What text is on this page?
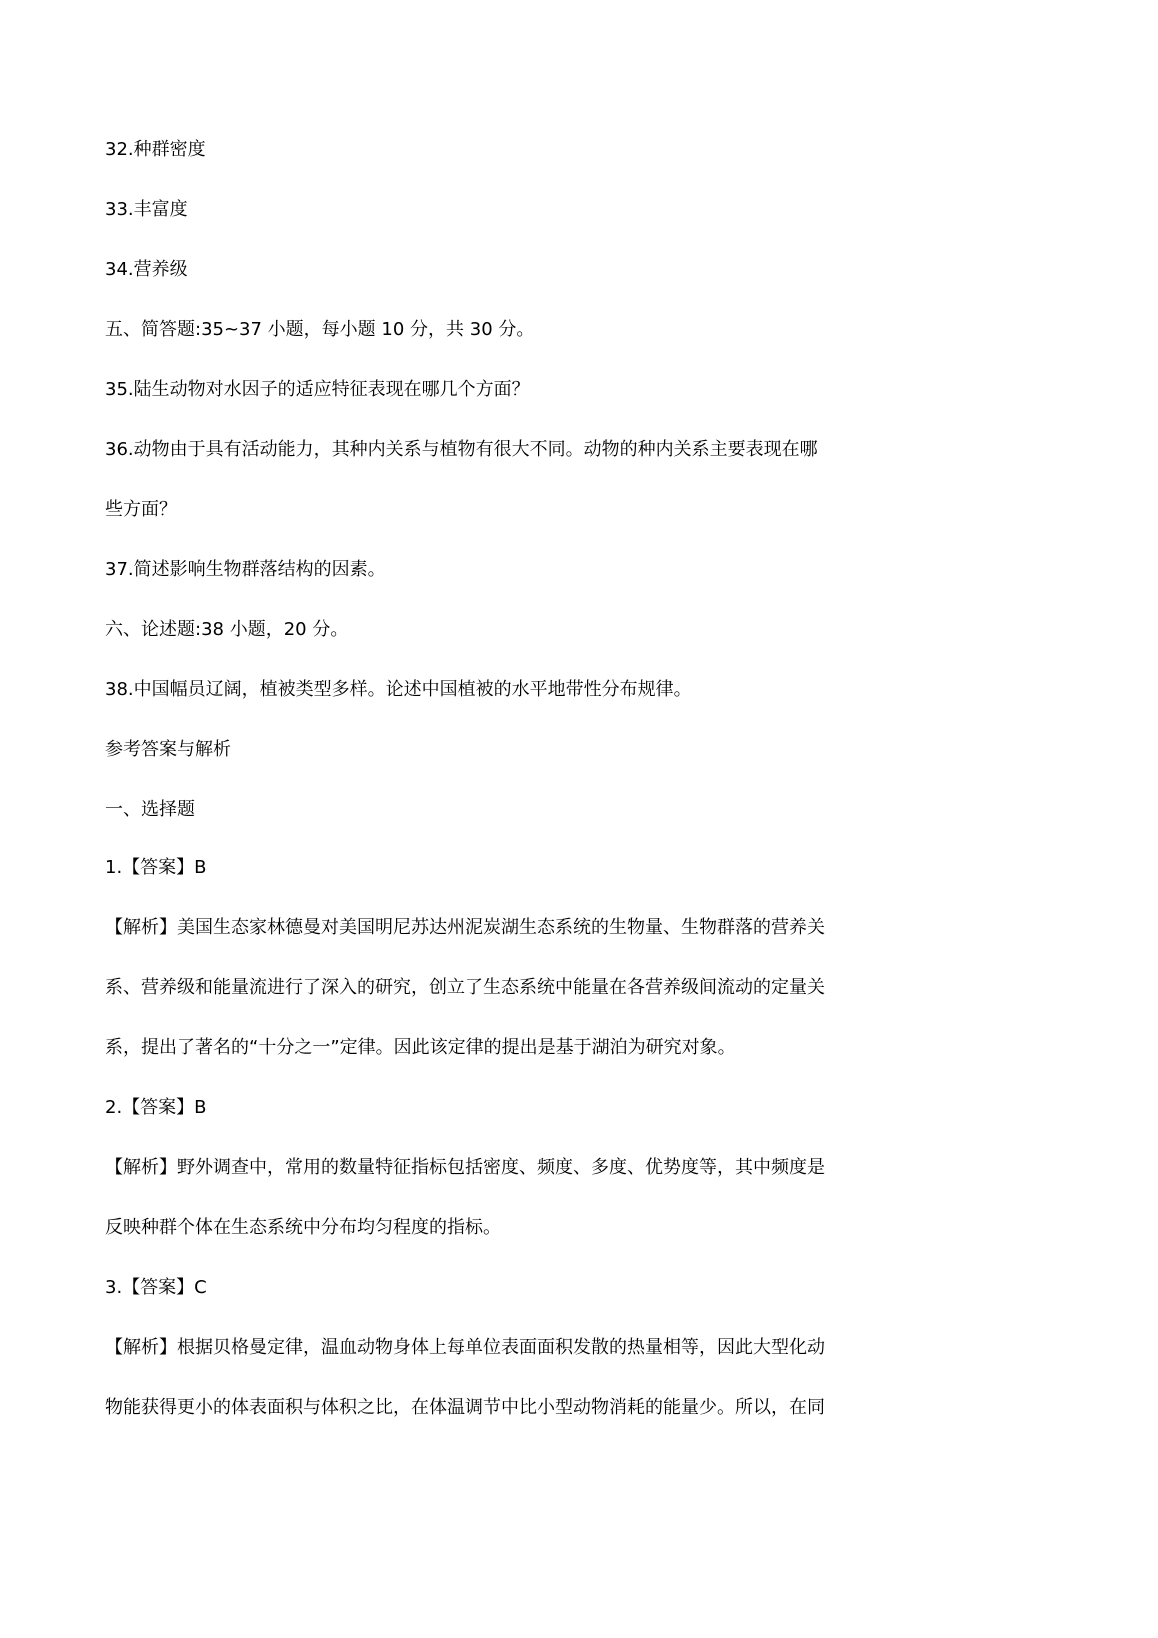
32.种群密度
33.丰富度
34.营养级
五、简答题:35~37 小题，每小题 10 分，共 30 分。
35.陆生动物对水因子的适应特征表现在哪几个方面？
36.动物由于具有活动能力，其种内关系与植物有很大不同。动物的种内关系主要表现在哪
些方面？
37.简述影响生物群落结构的因素。
六、论述题:38 小题，20 分。
38.中国幅员辽阔，植被类型多样。论述中国植被的水平地带性分布规律。
参考答案与解析
一、选择题
1.【答案】B
【解析】美国生态家林德曼对美国明尼苏达州泥炭湖生态系统的生物量、生物群落的营养关
系、营养级和能量流进行了深入的研究，创立了生态系统中能量在各营养级间流动的定量关
系，提出了著名的“十分之一”定律。因此该定律的提出是基于湖泊为研究对象。
2.【答案】B
【解析】野外调查中，常用的数量特征指标包括密度、频度、多度、优势度等，其中频度是
反映种群个体在生态系统中分布均匀程度的指标。
3.【答案】C
【解析】根据贝格曼定律，温血动物身体上每单位表面面积发散的热量相等，因此大型化动
物能获得更小的体表面积与体积之比，在体温调节中比小型动物消耗的能量少。所以，在同
